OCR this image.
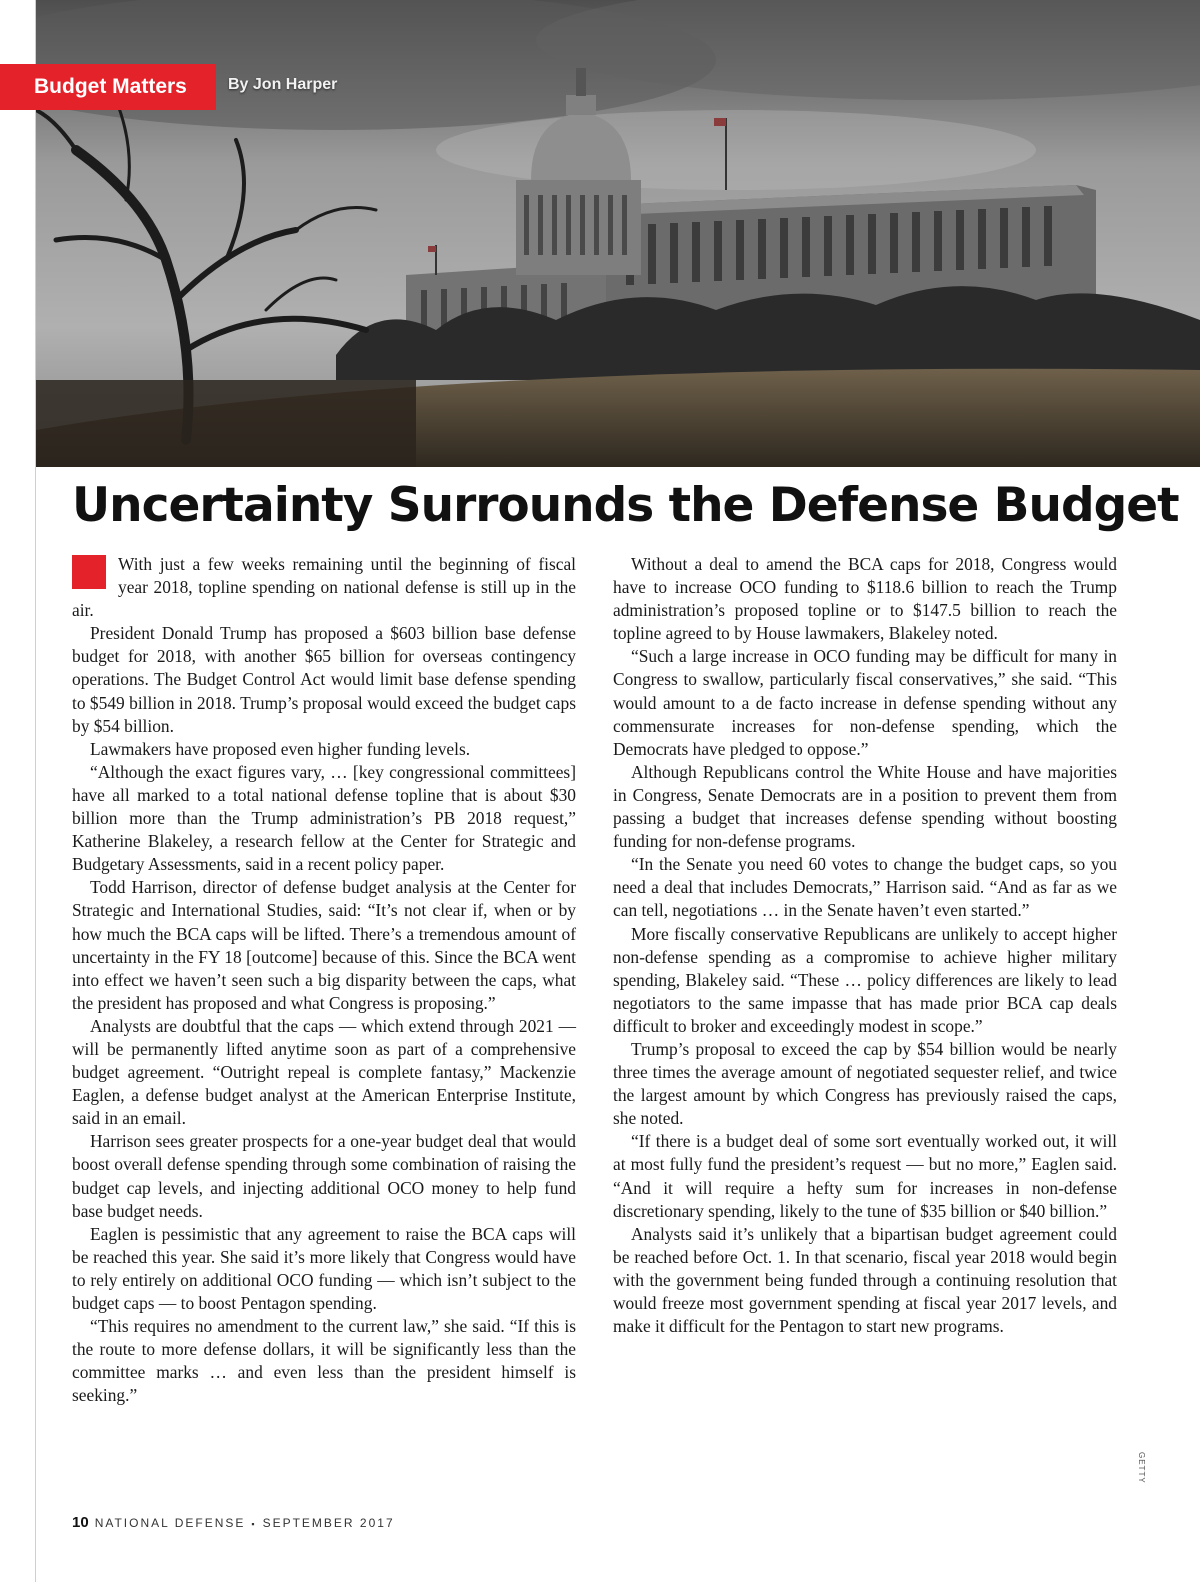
Budget Matters	By Jon Harper
Uncertainty Surrounds the Defense Budget

With just a few weeks remaining until the beginning of fiscal year 2018, topline spending on national defense is still up in the air.

President Donald Trump has proposed a $603 billion base defense budget for 2018, with another $65 billion for overseas contingency operations. The Budget Control Act would limit base defense spending to $549 billion in 2018. Trump’s proposal would exceed the budget caps by $54 billion.

Lawmakers have proposed even higher funding levels.

“Although the exact figures vary, … [key congressional committees] have all marked to a total national defense topline that is about $30 billion more than the Trump administration’s PB 2018 request,” Katherine Blakeley, a research fellow at the Center for Strategic and Budgetary Assessments, said in a recent policy paper.

Todd Harrison, director of defense budget analysis at the Center for Strategic and International Studies, said: “It’s not clear if, when or by how much the BCA caps will be lifted. There’s a tremendous amount of uncertainty in the FY 18 [outcome] because of this. Since the BCA went into effect we haven’t seen such a big disparity between the caps, what the president has proposed and what Congress is proposing.”

Analysts are doubtful that the caps — which extend through 2021 — will be permanently lifted anytime soon as part of a comprehensive budget agreement. “Outright repeal is complete fantasy,” Mackenzie Eaglen, a defense budget analyst at the American Enterprise Institute, said in an email.

Harrison sees greater prospects for a one-year budget deal that would boost overall defense spending through some combination of raising the budget cap levels, and injecting additional OCO money to help fund base budget needs.

Eaglen is pessimistic that any agreement to raise the BCA caps will be reached this year. She said it’s more likely that Congress would have to rely entirely on additional OCO funding — which isn’t subject to the budget caps — to boost Pentagon spending.

“This requires no amendment to the current law,” she said. “If this is the route to more defense dollars, it will be significantly less than the committee marks … and even less than the president himself is seeking.”

Without a deal to amend the BCA caps for 2018, Congress would have to increase OCO funding to $118.6 billion to reach the Trump administration’s proposed topline or to $147.5 billion to reach the topline agreed to by House lawmakers, Blakeley noted.

“Such a large increase in OCO funding may be difficult for many in Congress to swallow, particularly fiscal conservatives,” she said. “This would amount to a de facto increase in defense spending without any commensurate increases for non-defense spending, which the Democrats have pledged to oppose.”

Although Republicans control the White House and have majorities in Congress, Senate Democrats are in a position to prevent them from passing a budget that increases defense spending without boosting funding for non-defense programs.

“In the Senate you need 60 votes to change the budget caps, so you need a deal that includes Democrats,” Harrison said. “And as far as we can tell, negotiations … in the Senate haven’t even started.”

More fiscally conservative Republicans are unlikely to accept higher non-defense spending as a compromise to achieve higher military spending, Blakeley said. “These … policy differences are likely to lead negotiators to the same impasse that has made prior BCA cap deals difficult to broker and exceedingly modest in scope.”

Trump’s proposal to exceed the cap by $54 billion would be nearly three times the average amount of negotiated sequester relief, and twice the largest amount by which Congress has previously raised the caps, she noted.

“If there is a budget deal of some sort eventually worked out, it will at most fully fund the president’s request — but no more,” Eaglen said. “And it will require a hefty sum for increases in non-defense discretionary spending, likely to the tune of $35 billion or $40 billion.”

Analysts said it’s unlikely that a bipartisan budget agreement could be reached before Oct. 1. In that scenario, fiscal year 2018 would begin with the government being funded through a continuing resolution that would freeze most government spending at fiscal year 2017 levels, and make it difficult for the Pentagon to start new programs.

GETTY
10 NATIONAL DEFENSE ▪ SEPTEMBER 2017
